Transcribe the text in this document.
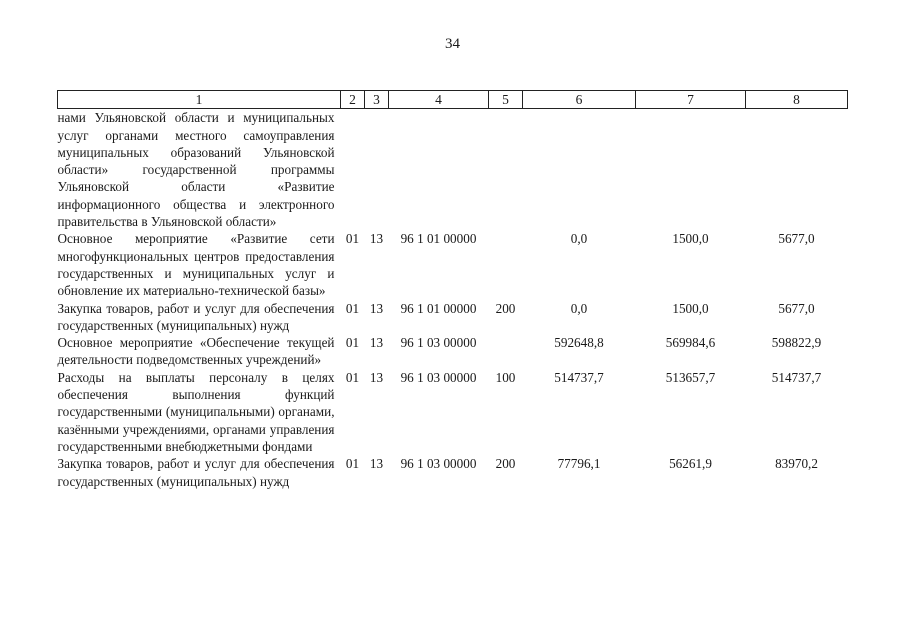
34
1	2	3	4	5	6	7	8
нами Ульяновской области и муниципальных услуг органами местного самоуправления муниципальных образований Ульяновской области» государственной программы Ульяновской области «Развитие информационного общества и электронного правительства в Ульяновской области»							
Основное мероприятие «Развитие сети многофункциональных центров предоставления государственных и муниципальных услуг и обновление их материально-технической базы»	01	13	96 1 01 00000		0,0	1500,0	5677,0
Закупка товаров, работ и услуг для обеспечения государственных (муниципальных) нужд	01	13	96 1 01 00000	200	0,0	1500,0	5677,0
Основное мероприятие «Обеспечение текущей деятельности подведомственных учреждений»	01	13	96 1 03 00000		592648,8	569984,6	598822,9
Расходы на выплаты персоналу в целях обеспечения выполнения функций государственными (муниципальными) органами, казёнными учреждениями, органами управления государственными внебюджетными фондами	01	13	96 1 03 00000	100	514737,7	513657,7	514737,7
Закупка товаров, работ и услуг для обеспечения государственных (муниципальных) нужд	01	13	96 1 03 00000	200	77796,1	56261,9	83970,2
